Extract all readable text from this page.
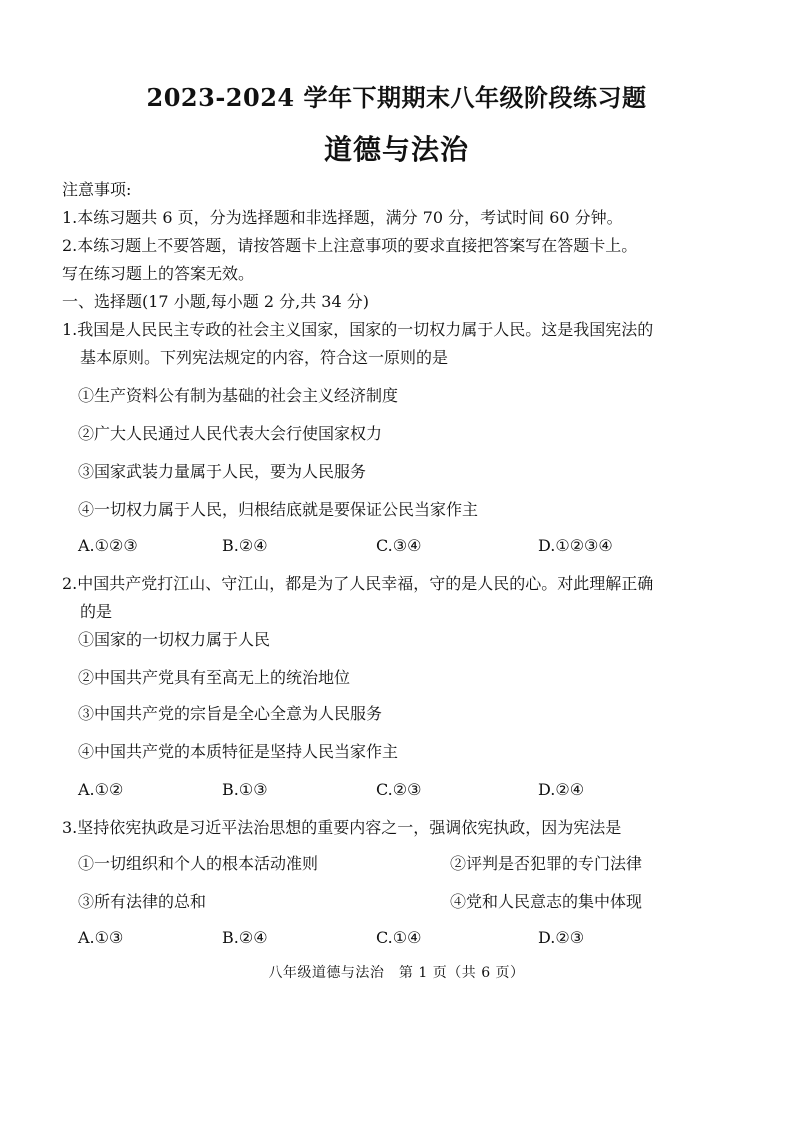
2023-2024 学年下期期末八年级阶段练习题
道德与法治
注意事项:
1.本练习题共 6 页，分为选择题和非选择题，满分 70 分，考试时间 60 分钟。
2.本练习题上不要答题，请按答题卡上注意事项的要求直接把答案写在答题卡上。
写在练习题上的答案无效。
一、选择题(17 小题,每小题 2 分,共 34 分)
1.我国是人民民主专政的社会主义国家，国家的一切权力属于人民。这是我国宪法的
基本原则。下列宪法规定的内容，符合这一原则的是
①生产资料公有制为基础的社会主义经济制度
②广大人民通过人民代表大会行使国家权力
③国家武装力量属于人民，要为人民服务
④一切权力属于人民，归根结底就是要保证公民当家作主
A.①②③	B.②④	C.③④	D.①②③④
2.中国共产党打江山、守江山，都是为了人民幸福，守的是人民的心。对此理解正确
的是
①国家的一切权力属于人民
②中国共产党具有至高无上的统治地位
③中国共产党的宗旨是全心全意为人民服务
④中国共产党的本质特征是坚持人民当家作主
A.①②	B.①③	C.②③	D.②④
3.坚持依宪执政是习近平法治思想的重要内容之一，强调依宪执政，因为宪法是
①一切组织和个人的根本活动准则	②评判是否犯罪的专门法律
③所有法律的总和	④党和人民意志的集中体现
A.①③	B.②④	C.①④	D.②③
八年级道德与法治　第 1 页（共 6 页）
